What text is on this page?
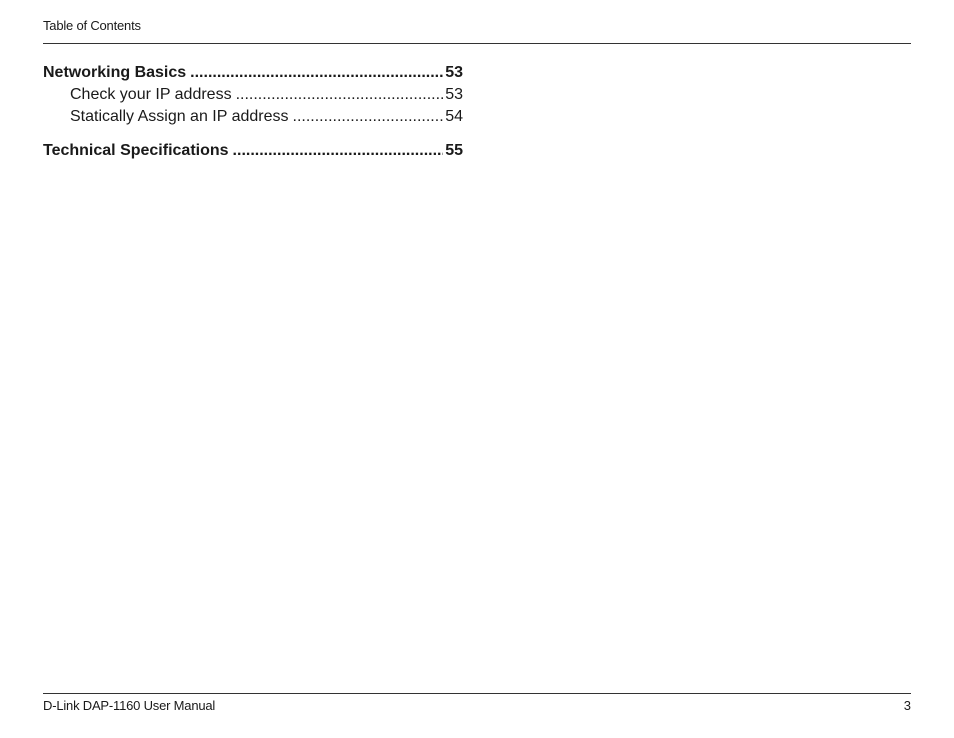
Table of Contents
Networking Basics .....	53
Check your IP address .....	53
Statically Assign an IP address .....	54
Technical Specifications .....	55
D-Link DAP-1160 User Manual	3
